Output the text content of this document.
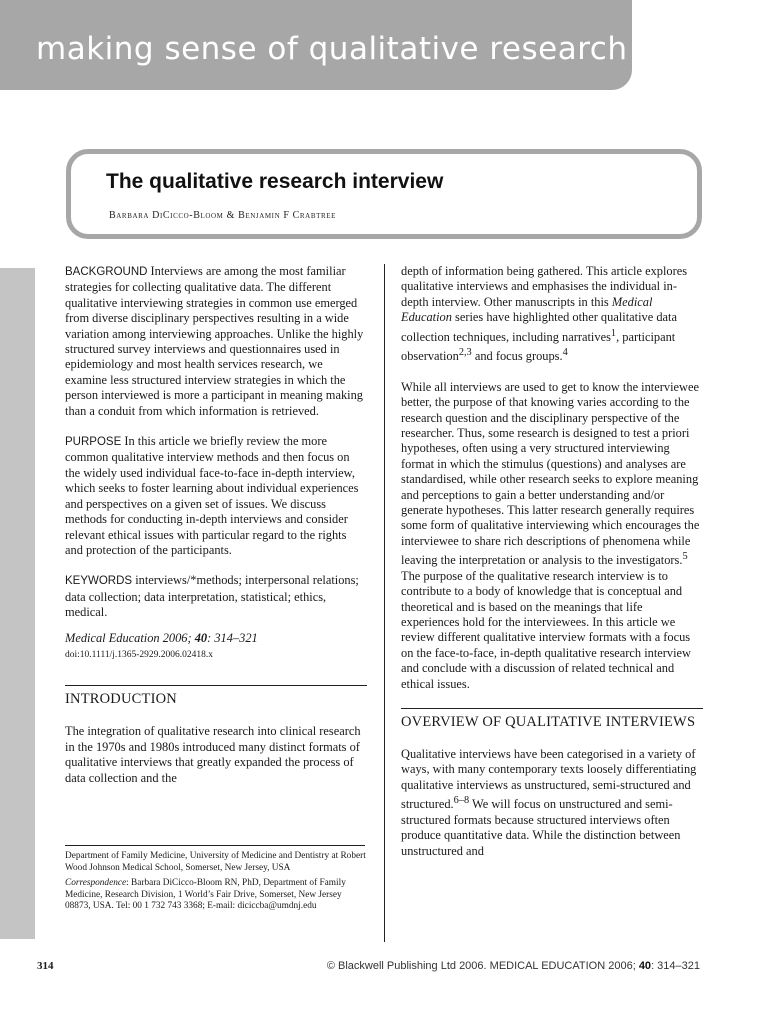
making sense of qualitative research
The qualitative research interview
Barbara DiCicco-Bloom & Benjamin F Crabtree

BACKGROUND Interviews are among the most familiar strategies for collecting qualitative data. The different qualitative interviewing strategies in common use emerged from diverse disciplinary perspectives resulting in a wide variation among interviewing approaches. Unlike the highly structured survey interviews and questionnaires used in epidemiology and most health services research, we examine less structured interview strategies in which the person interviewed is more a participant in meaning making than a conduit from which information is retrieved.

PURPOSE In this article we briefly review the more common qualitative interview methods and then focus on the widely used individual face-to-face in-depth interview, which seeks to foster learning about individual experiences and perspectives on a given set of issues. We discuss methods for conducting in-depth interviews and consider relevant ethical issues with particular regard to the rights and protection of the participants.

KEYWORDS interviews/*methods; interpersonal relations; data collection; data interpretation, statistical; ethics, medical.

Medical Education 2006; 40: 314–321

doi:10.1111/j.1365-2929.2006.02418.x

INTRODUCTION

The integration of qualitative research into clinical research in the 1970s and 1980s introduced many distinct formats of qualitative interviews that greatly expanded the process of data collection and the

depth of information being gathered. This article explores qualitative interviews and emphasises the individual in-depth interview. Other manuscripts in this Medical Education series have highlighted other qualitative data collection techniques, including narratives$^1$, participant observation$^{2,3}$ and focus groups.$^4$

While all interviews are used to get to know the interviewee better, the purpose of that knowing varies according to the research question and the disciplinary perspective of the researcher. Thus, some research is designed to test a priori hypotheses, often using a very structured interviewing format in which the stimulus (questions) and analyses are standardised, while other research seeks to explore meaning and perceptions to gain a better understanding and/or generate hypotheses. This latter research generally requires some form of qualitative interviewing which encourages the interviewee to share rich descriptions of phenomena while leaving the interpretation or analysis to the investigators.$^5$ The purpose of the qualitative research interview is to contribute to a body of knowledge that is conceptual and theoretical and is based on the meanings that life experiences hold for the interviewees. In this article we review different qualitative interview formats with a focus on the face-to-face, in-depth qualitative research interview and conclude with a discussion of related technical and ethical issues.

OVERVIEW OF QUALITATIVE INTERVIEWS

Qualitative interviews have been categorised in a variety of ways, with many contemporary texts loosely differentiating qualitative interviews as unstructured, semi-structured and structured.$^{6-8}$ We will focus on unstructured and semi-structured formats because structured interviews often produce quantitative data. While the distinction between unstructured and

Department of Family Medicine, University of Medicine and Dentistry at Robert Wood Johnson Medical School, Somerset, New Jersey, USA
Correspondence: Barbara DiCicco-Bloom RN, PhD, Department of Family Medicine, Research Division, 1 World’s Fair Drive, Somerset, New Jersey 08873, USA. Tel: 00 1 732 743 3368; E-mail: diciccba@umdnj.edu
314	© Blackwell Publishing Ltd 2006. MEDICAL EDUCATION 2006; 40: 314–321
